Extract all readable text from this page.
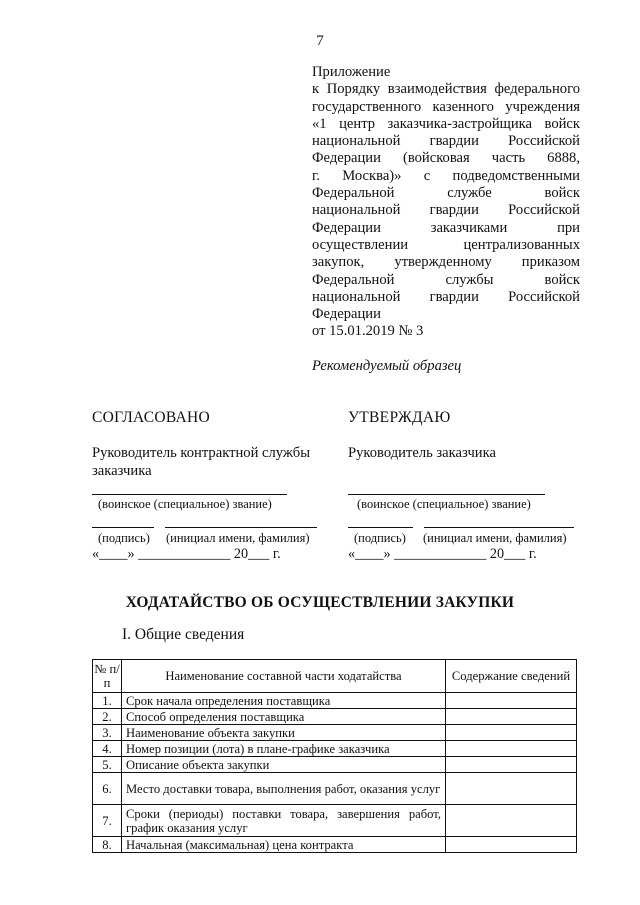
7
Приложение
к Порядку взаимодействия федерального
государственного казенного учреждения
«1 центр заказчика-застройщика войск
национальной гвардии Российской
Федерации (войсковая часть 6888,
г. Москва)» с подведомственными
Федеральной службе войск
национальной гвардии Российской
Федерации заказчиками при
осуществлении централизованных
закупок, утвержденному приказом
Федеральной службы войск
национальной гвардии Российской
Федерации
от 15.01.2019 № 3
Рекомендуемый образец
СОГЛАСОВАНО
Руководитель контрактной службы
заказчика
(воинское (специальное) звание)
(подпись) (инициал имени, фамилия)
«____» _____________ 20___ г.
УТВЕРЖДАЮ
Руководитель заказчика
(воинское (специальное) звание)
(подпись) (инициал имени, фамилия)
«____» _____________ 20___ г.
ХОДАТАЙСТВО ОБ ОСУЩЕСТВЛЕНИИ ЗАКУПКИ
I. Общие сведения
№ п/п	Наименование составной части ходатайства	Содержание сведений
1.	Срок начала определения поставщика	
2.	Способ определения поставщика	
3.	Наименование объекта закупки	
4.	Номер позиции (лота) в плане-графике заказчика	
5.	Описание объекта закупки	
6.	Место доставки товара, выполнения работ, оказания услуг	
7.	Сроки (периоды) поставки товара, завершения работ, график оказания услуг	
8.	Начальная (максимальная) цена контракта	
